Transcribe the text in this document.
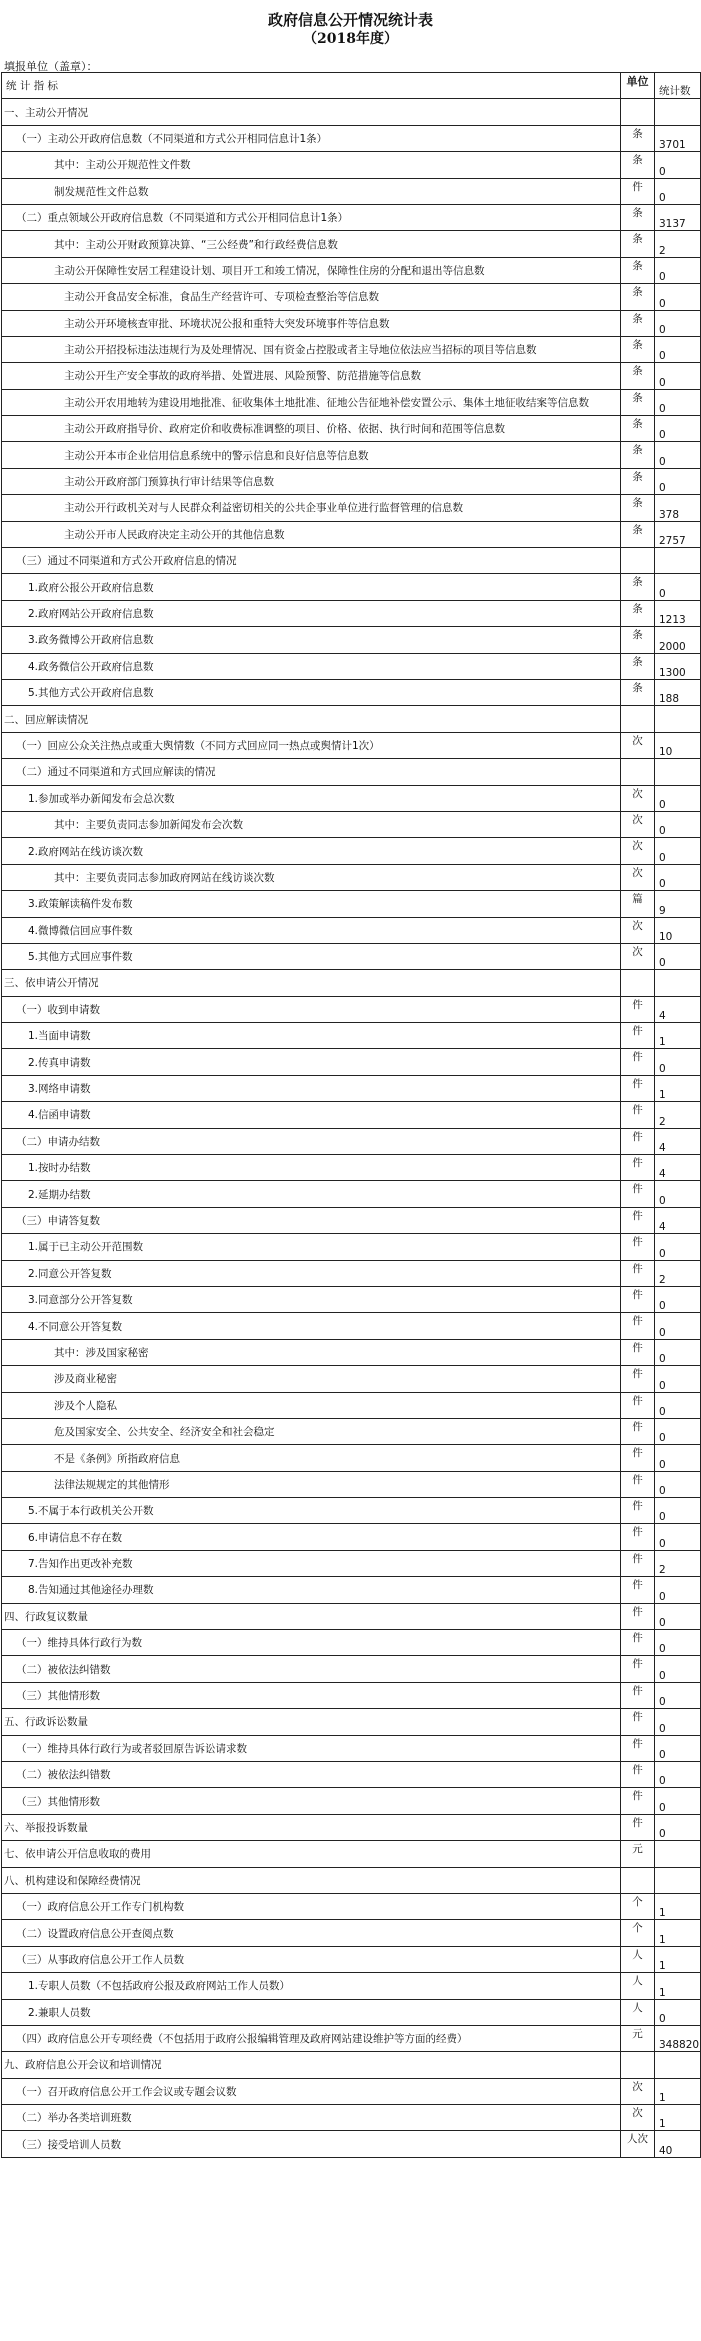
政府信息公开情况统计表
（2018年度）
填报单位（盖章）：
统 计 指 标	单位	统计数
一、主动公开情况		
（一）主动公开政府信息数（不同渠道和方式公开相同信息计1条）	条	3701
其中：主动公开规范性文件数	条	0
制发规范性文件总数	件	0
（二）重点领域公开政府信息数（不同渠道和方式公开相同信息计1条）	条	3137
其中：主动公开财政预算决算、“三公经费”和行政经费信息数	条	2
主动公开保障性安居工程建设计划、项目开工和竣工情况，保障性住房的分配和退出等信息数	条	0
主动公开食品安全标准，食品生产经营许可、专项检查整治等信息数	条	0
主动公开环境核查审批、环境状况公报和重特大突发环境事件等信息数	条	0
主动公开招投标违法违规行为及处理情况、国有资金占控股或者主导地位依法应当招标的项目等信息数	条	0
主动公开生产安全事故的政府举措、处置进展、风险预警、防范措施等信息数	条	0
主动公开农用地转为建设用地批准、征收集体土地批准、征地公告征地补偿安置公示、集体土地征收结案等信息数	条	0
主动公开政府指导价、政府定价和收费标准调整的项目、价格、依据、执行时间和范围等信息数	条	0
主动公开本市企业信用信息系统中的警示信息和良好信息等信息数	条	0
主动公开政府部门预算执行审计结果等信息数	条	0
主动公开行政机关对与人民群众利益密切相关的公共企事业单位进行监督管理的信息数	条	378
主动公开市人民政府决定主动公开的其他信息数	条	2757
（三）通过不同渠道和方式公开政府信息的情况		
1.政府公报公开政府信息数	条	0
2.政府网站公开政府信息数	条	1213
3.政务微博公开政府信息数	条	2000
4.政务微信公开政府信息数	条	1300
5.其他方式公开政府信息数	条	188
二、回应解读情况		
（一）回应公众关注热点或重大舆情数（不同方式回应同一热点或舆情计1次）	次	10
（二）通过不同渠道和方式回应解读的情况		
1.参加或举办新闻发布会总次数	次	0
其中：主要负责同志参加新闻发布会次数	次	0
2.政府网站在线访谈次数	次	0
其中：主要负责同志参加政府网站在线访谈次数	次	0
3.政策解读稿件发布数	篇	9
4.微博微信回应事件数	次	10
5.其他方式回应事件数	次	0
三、依申请公开情况		
（一）收到申请数	件	4
1.当面申请数	件	1
2.传真申请数	件	0
3.网络申请数	件	1
4.信函申请数	件	2
（二）申请办结数	件	4
1.按时办结数	件	4
2.延期办结数	件	0
（三）申请答复数	件	4
1.属于已主动公开范围数	件	0
2.同意公开答复数	件	2
3.同意部分公开答复数	件	0
4.不同意公开答复数	件	0
其中：涉及国家秘密	件	0
涉及商业秘密	件	0
涉及个人隐私	件	0
危及国家安全、公共安全、经济安全和社会稳定	件	0
不是《条例》所指政府信息	件	0
法律法规规定的其他情形	件	0
5.不属于本行政机关公开数	件	0
6.申请信息不存在数	件	0
7.告知作出更改补充数	件	2
8.告知通过其他途径办理数	件	0
四、行政复议数量	件	0
（一）维持具体行政行为数	件	0
（二）被依法纠错数	件	0
（三）其他情形数	件	0
五、行政诉讼数量	件	0
（一）维持具体行政行为或者驳回原告诉讼请求数	件	0
（二）被依法纠错数	件	0
（三）其他情形数	件	0
六、举报投诉数量	件	0
七、依申请公开信息收取的费用	元	
八、机构建设和保障经费情况		
（一）政府信息公开工作专门机构数	个	1
（二）设置政府信息公开查阅点数	个	1
（三）从事政府信息公开工作人员数	人	1
1.专职人员数（不包括政府公报及政府网站工作人员数）	人	1
2.兼职人员数	人	0
（四）政府信息公开专项经费（不包括用于政府公报编辑管理及政府网站建设维护等方面的经费）	元	348820
九、政府信息公开会议和培训情况		
（一）召开政府信息公开工作会议或专题会议数	次	1
（二）举办各类培训班数	次	1
（三）接受培训人员数	人次	40
